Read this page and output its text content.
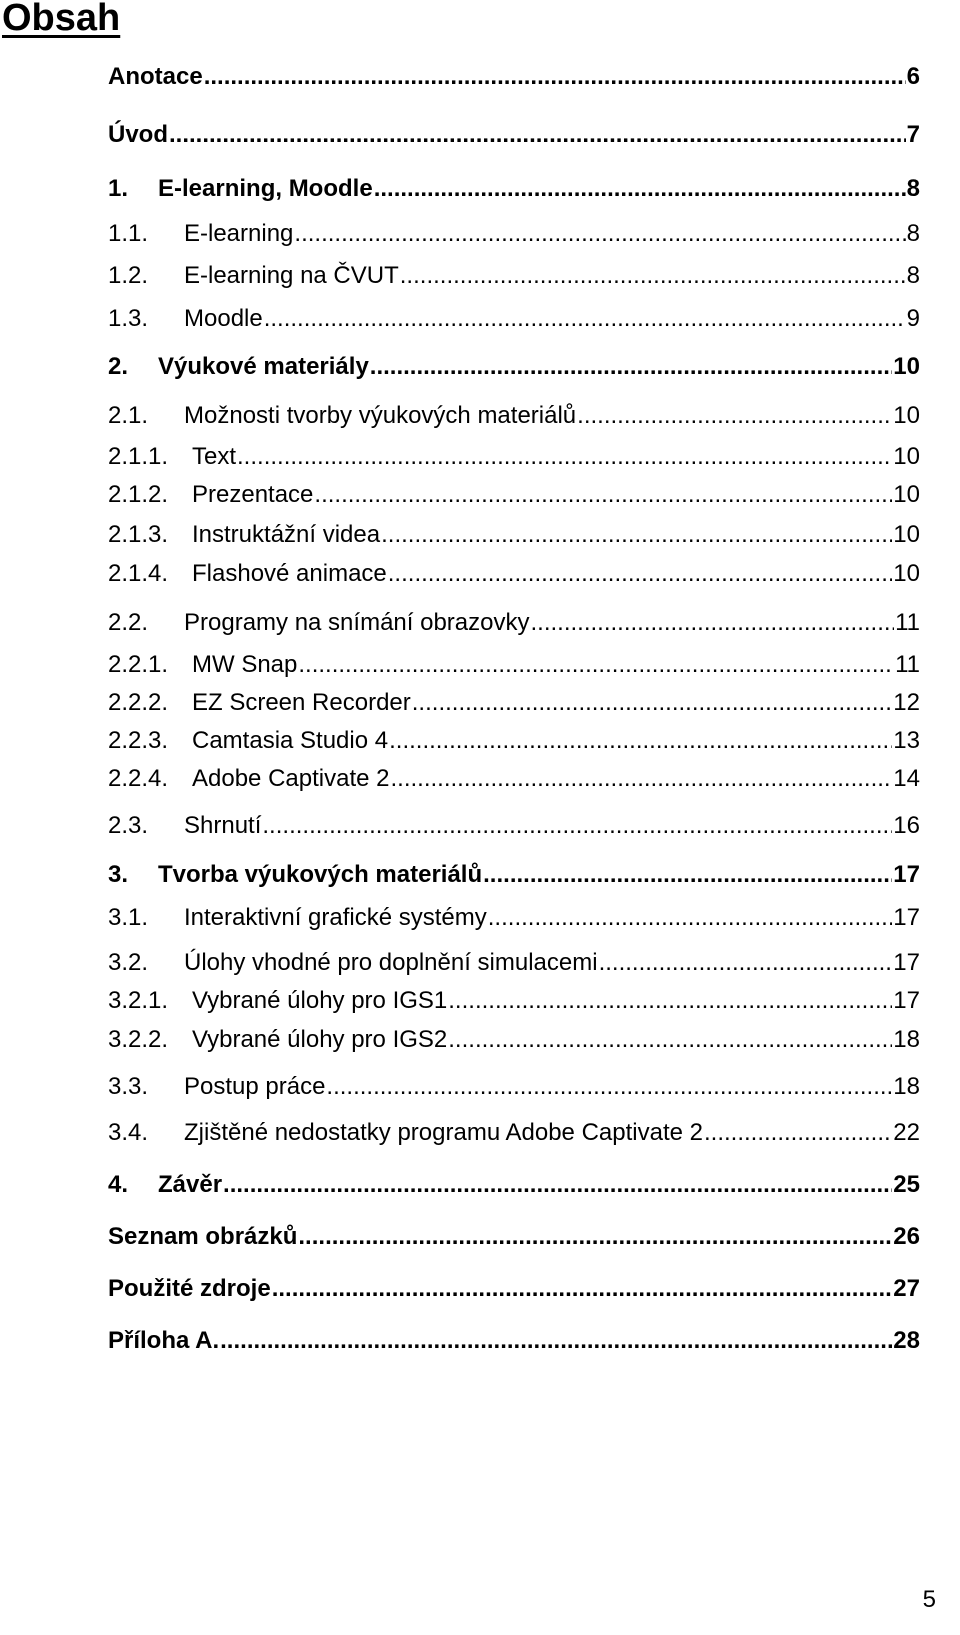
Obsah
Anotace .....	6
Úvod .....	7
1.	E-learning, Moodle .....	8
1.1.	E-learning .....	8
1.2.	E-learning na ČVUT .....	8
1.3.	Moodle .....	9
2.	Výukové materiály .....	10
2.1.	Možnosti tvorby výukových materiálů .....	10
2.1.1. Text .....	10
2.1.2. Prezentace .....	10
2.1.3. Instruktážní videa .....	10
2.1.4. Flashové animace .....	10
2.2.	Programy na snímání obrazovky .....	11
2.2.1. MW Snap .....	11
2.2.2. EZ Screen Recorder .....	12
2.2.3. Camtasia Studio 4 .....	13
2.2.4. Adobe Captivate 2 .....	14
2.3.	Shrnutí .....	16
3.	Tvorba výukových materiálů .....	17
3.1.	Interaktivní grafické systémy .....	17
3.2.	Úlohy vhodné pro doplnění simulacemi .....	17
3.2.1. Vybrané úlohy pro IGS1 .....	17
3.2.2. Vybrané úlohy pro IGS2 .....	18
3.3.	Postup práce .....	18
3.4.	Zjištěné nedostatky programu Adobe Captivate 2 .....	22
4.	Závěr .....	25
Seznam obrázků .....	26
Použité zdroje .....	27
Příloha A. .....	28
5
